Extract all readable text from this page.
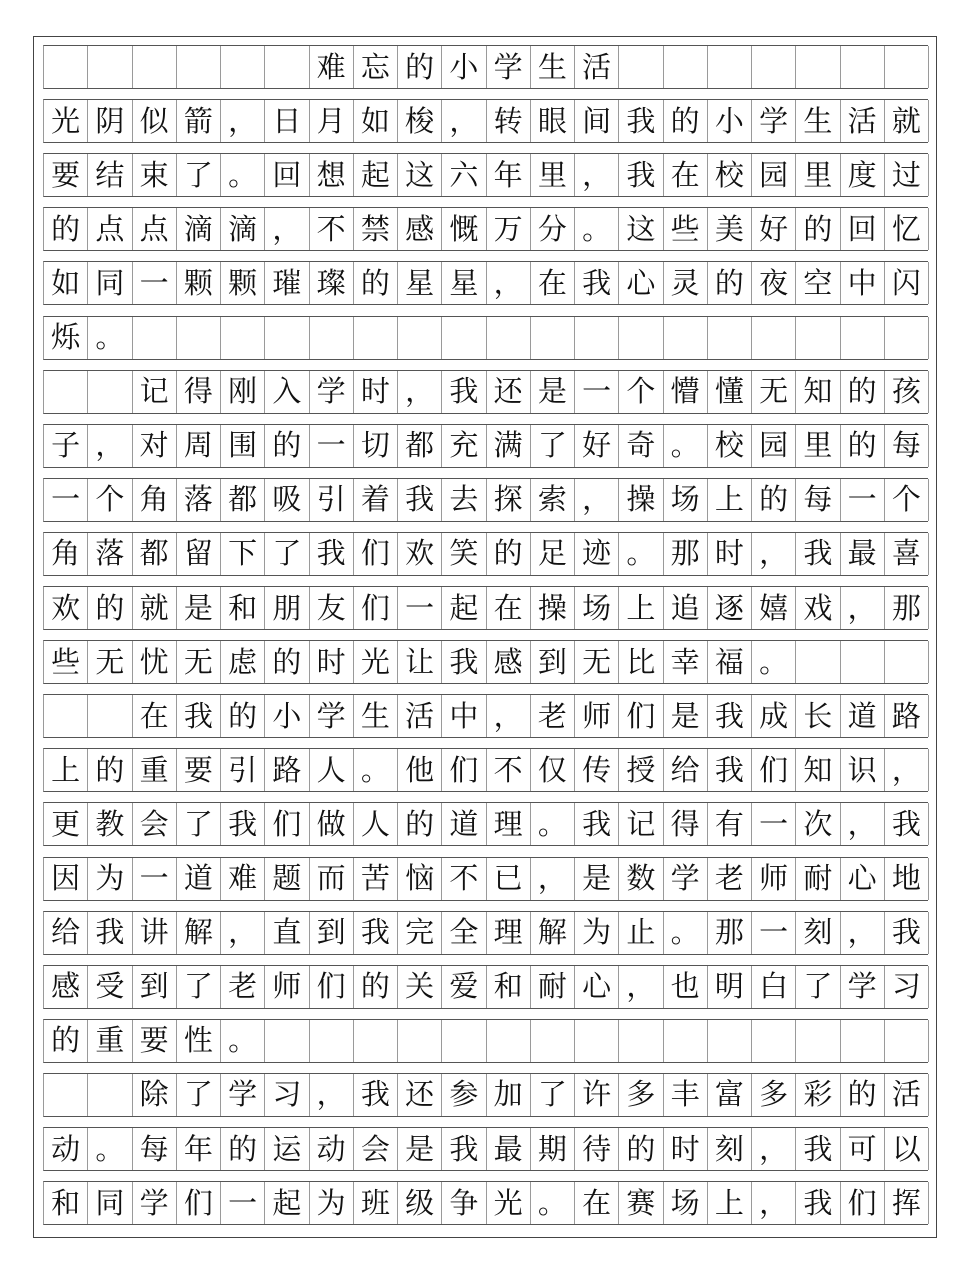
难 忘 的 小 学 生 活
光 阴 似 箭 ， 日 月 如 梭 ， 转 眼 间 我 的 小 学 生 活 就
要 结 束 了 。 回 想 起 这 六 年 里 ， 我 在 校 园 里 度 过
的 点 点 滴 滴 ， 不 禁 感 慨 万 分 。 这 些 美 好 的 回 忆
如 同 一 颗 颗 璀 璨 的 星 星 ， 在 我 心 灵 的 夜 空 中 闪
烁 。
记 得 刚 入 学 时 ， 我 还 是 一 个 懵 懂 无 知 的 孩
子 ， 对 周 围 的 一 切 都 充 满 了 好 奇 。 校 园 里 的 每
一 个 角 落 都 吸 引 着 我 去 探 索 ， 操 场 上 的 每 一 个
角 落 都 留 下 了 我 们 欢 笑 的 足 迹 。 那 时 ， 我 最 喜
欢 的 就 是 和 朋 友 们 一 起 在 操 场 上 追 逐 嬉 戏 ， 那
些 无 忧 无 虑 的 时 光 让 我 感 到 无 比 幸 福 。
在 我 的 小 学 生 活 中 ， 老 师 们 是 我 成 长 道 路
上 的 重 要 引 路 人 。 他 们 不 仅 传 授 给 我 们 知 识 ，
更 教 会 了 我 们 做 人 的 道 理 。 我 记 得 有 一 次 ， 我
因 为 一 道 难 题 而 苦 恼 不 已 ， 是 数 学 老 师 耐 心 地
给 我 讲 解 ， 直 到 我 完 全 理 解 为 止 。 那 一 刻 ， 我
感 受 到 了 老 师 们 的 关 爱 和 耐 心 ， 也 明 白 了 学 习
的 重 要 性 。
除 了 学 习 ， 我 还 参 加 了 许 多 丰 富 多 彩 的 活
动 。 每 年 的 运 动 会 是 我 最 期 待 的 时 刻 ， 我 可 以
和 同 学 们 一 起 为 班 级 争 光 。 在 赛 场 上 ， 我 们 挥
